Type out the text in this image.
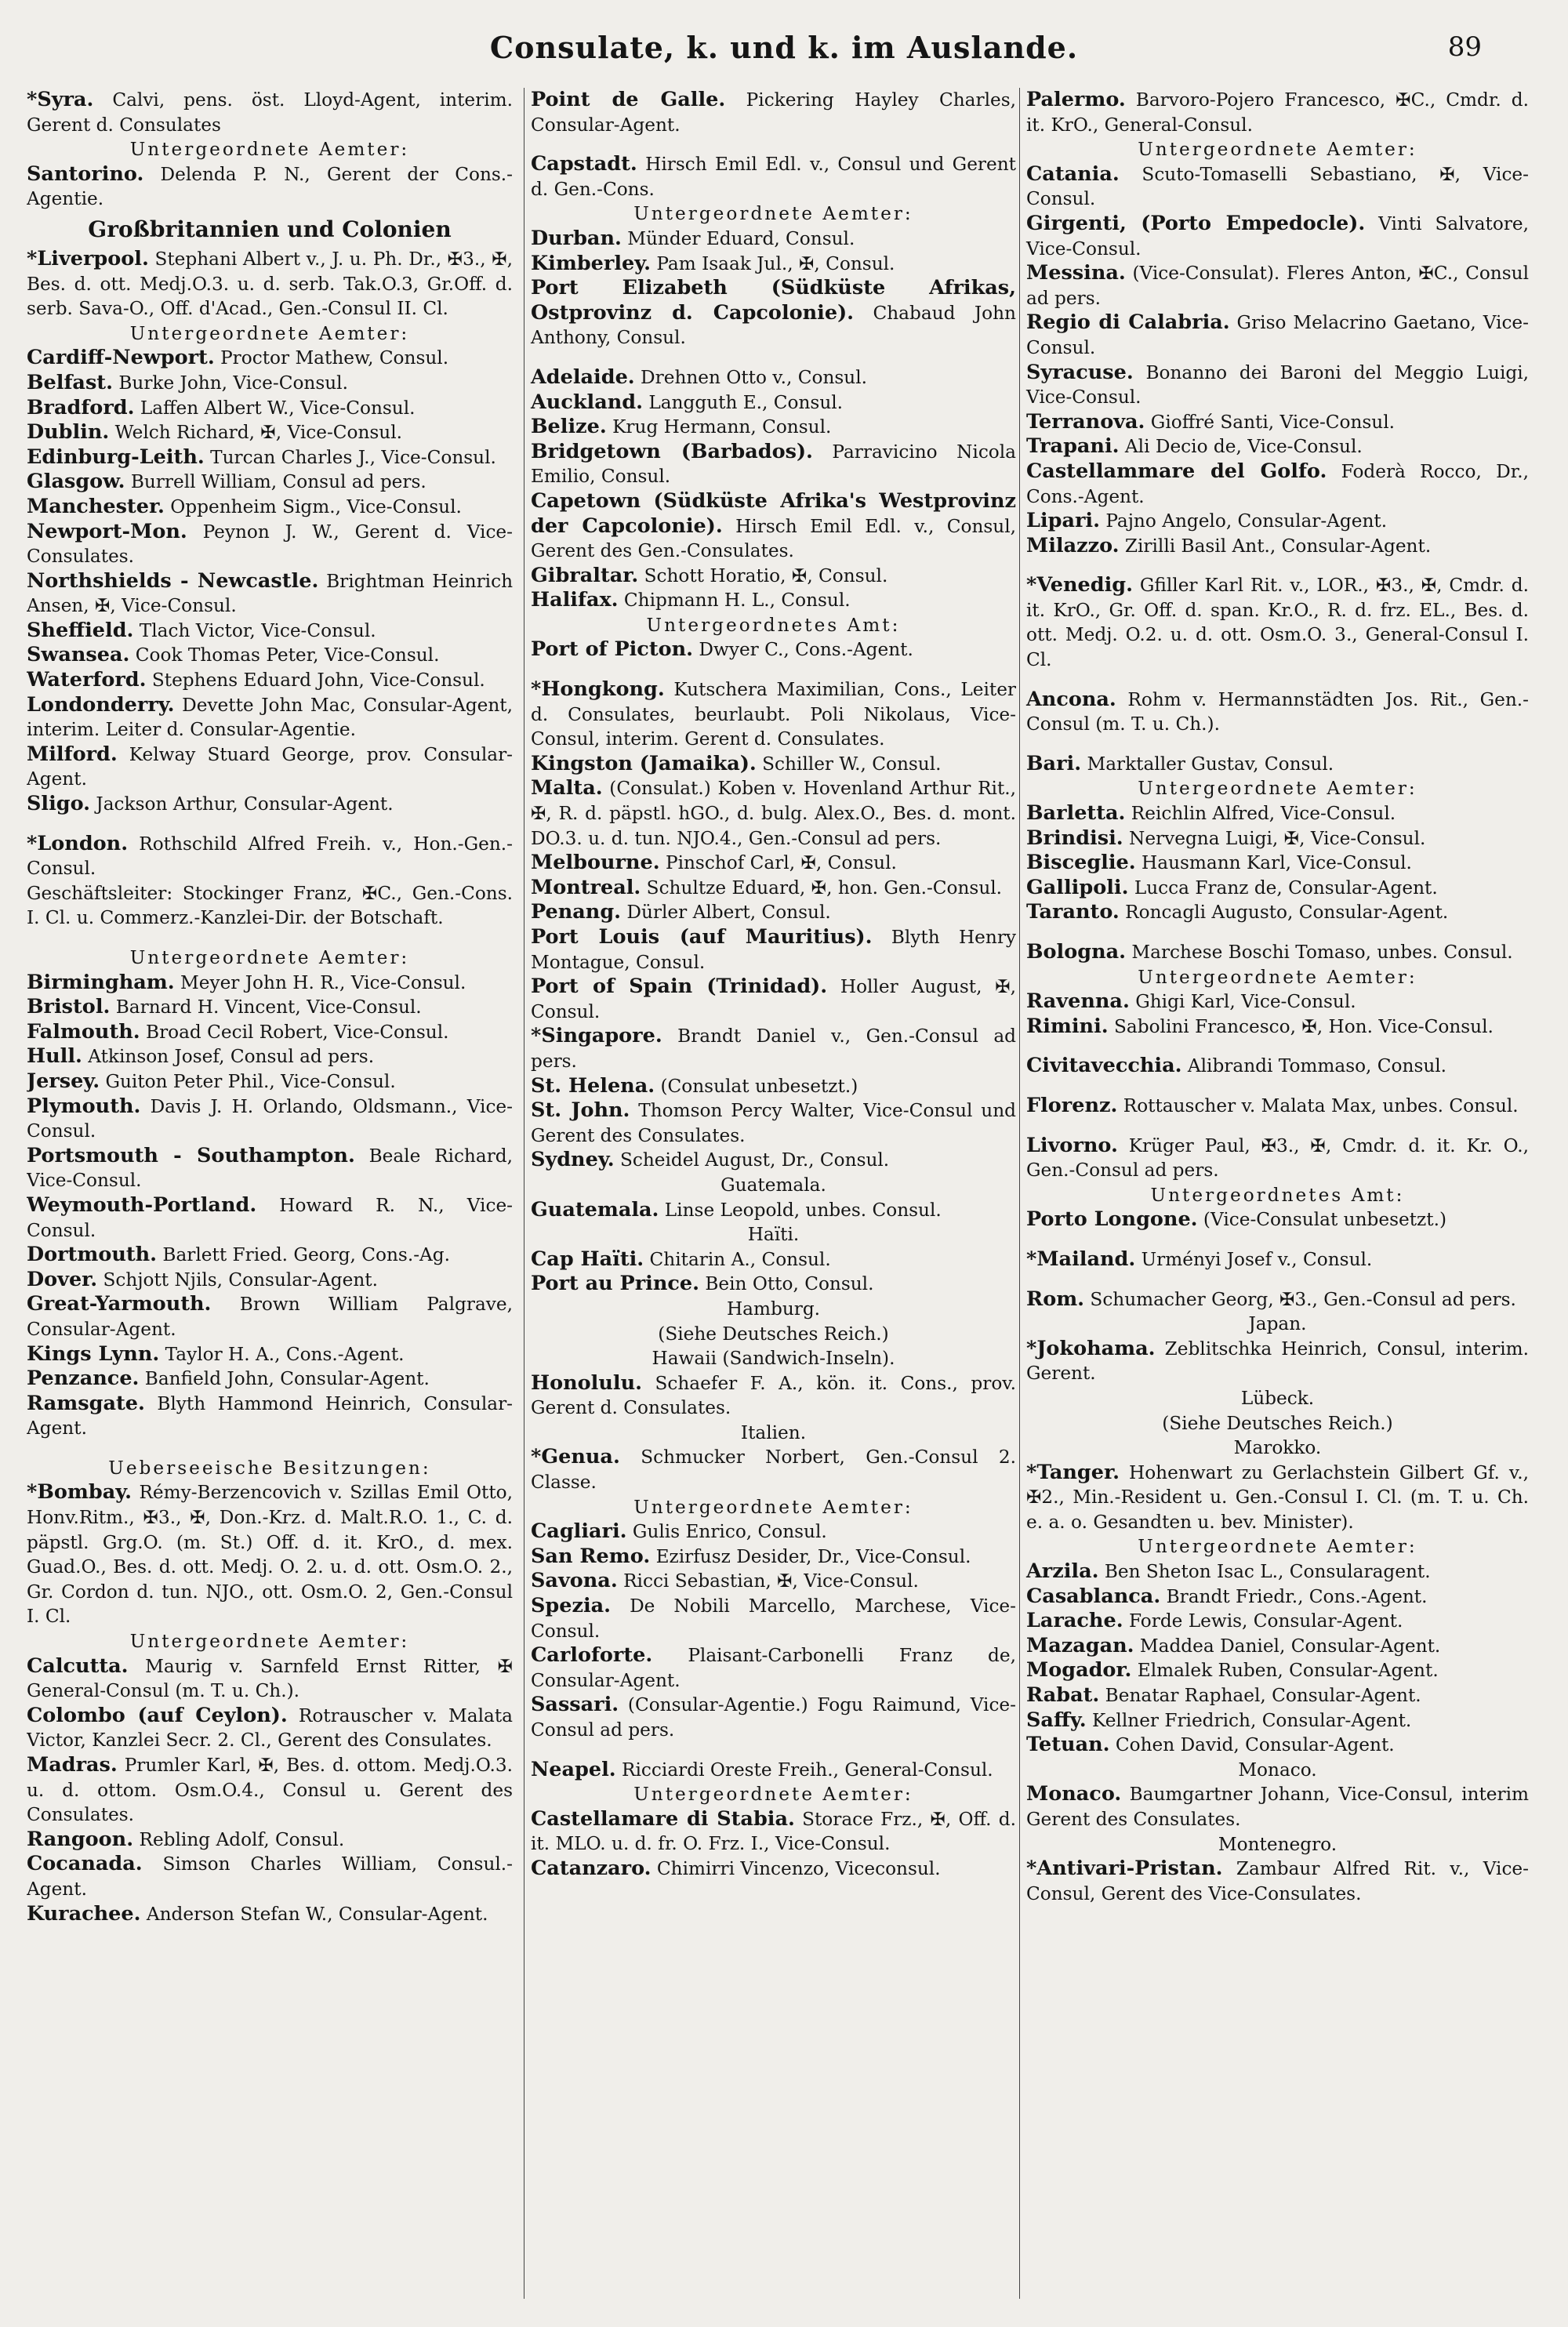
Consulate, k. und k. im Auslande.	89
*Syra. Calvi, pens. öst. Lloyd-Agent, interim. Gerent d. Consulates
Untergeordnete Aemter:
Santorino. Delenda P. N., Gerent der Cons.-Agentie.
Großbritannien und Colonien
*Liverpool. Stephani Albert v., J. u. Ph. Dr., ✠3., ✠, Bes. d. ott. Medj.O.3. u. d. serb. Tak.O.3, Gr.Off. d. serb. Sava-O., Off. d'Acad., Gen.-Consul II. Cl.
Untergeordnete Aemter:
Cardiff-Newport. Proctor Mathew, Consul.
Belfast. Burke John, Vice-Consul.
Bradford. Laffen Albert W., Vice-Consul.
Dublin. Welch Richard, ✠, Vice-Consul.
Edinburg-Leith. Turcan Charles J., Vice-Consul.
Glasgow. Burrell William, Consul ad pers.
Manchester. Oppenheim Sigm., Vice-Consul.
Newport-Mon. Peynon J. W., Gerent d. Vice-Consulates.
Northshields - Newcastle. Brightman Heinrich Ansen, ✠, Vice-Consul.
Sheffield. Tlach Victor, Vice-Consul.
Swansea. Cook Thomas Peter, Vice-Consul.
Waterford. Stephens Eduard John, Vice-Consul.
Londonderry. Devette John Mac, Consular-Agent, interim. Leiter d. Consular-Agentie.
Milford. Kelway Stuard George, prov. Consular-Agent.
Sligo. Jackson Arthur, Consular-Agent.
*London. Rothschild Alfred Freih. v., Hon.-Gen.-Consul.
Geschäftsleiter: Stockinger Franz, ✠C., Gen.-Cons. I. Cl. u. Commerz.-Kanzlei-Dir. der Botschaft.
Untergeordnete Aemter:
Birmingham. Meyer John H. R., Vice-Consul.
Bristol. Barnard H. Vincent, Vice-Consul.
Falmouth. Broad Cecil Robert, Vice-Consul.
Hull. Atkinson Josef, Consul ad pers.
Jersey. Guiton Peter Phil., Vice-Consul.
Plymouth. Davis J. H. Orlando, Oldsmann., Vice-Consul.
Portsmouth - Southampton. Beale Richard, Vice-Consul.
Weymouth-Portland. Howard R. N., Vice-Consul.
Dortmouth. Barlett Fried. Georg, Cons.-Ag.
Dover. Schjott Njils, Consular-Agent.
Great-Yarmouth. Brown William Palgrave, Consular-Agent.
Kings Lynn. Taylor H. A., Cons.-Agent.
Penzance. Banfield John, Consular-Agent.
Ramsgate. Blyth Hammond Heinrich, Consular-Agent.
Ueberseeische Besitzungen:
*Bombay. Rémy-Berzencovich v. Szillas Emil Otto, Honv.Ritm., ✠3., ✠, Don.-Krz. d. Malt.R.O. 1., C. d. päpstl. Grg.O. (m. St.) Off. d. it. KrO., d. mex. Guad.O., Bes. d. ott. Medj. O. 2. u. d. ott. Osm.O. 2., Gr. Cordon d. tun. NJO., ott. Osm.O. 2, Gen.-Consul I. Cl.
Untergeordnete Aemter:
Calcutta. Maurig v. Sarnfeld Ernst Ritter, ✠ General-Consul (m. T. u. Ch.).
Colombo (auf Ceylon). Rotrauscher v. Malata Victor, Kanzlei Secr. 2. Cl., Gerent des Consulates.
Madras. Prumler Karl, ✠, Bes. d. ottom. Medj.O.3. u. d. ottom. Osm.O.4., Consul u. Gerent des Consulates.
Rangoon. Rebling Adolf, Consul.
Cocanada. Simson Charles William, Consul.-Agent.
Kurachee. Anderson Stefan W., Consular-Agent.
Point de Galle. Pickering Hayley Charles, Consular-Agent.
Capstadt. Hirsch Emil Edl. v., Consul und Gerent d. Gen.-Cons.
Untergeordnete Aemter:
Durban. Münder Eduard, Consul.
Kimberley. Pam Isaak Jul., ✠, Consul.
Port Elizabeth (Südküste Afrikas, Ostprovinz d. Capcolonie). Chabaud John Anthony, Consul.
Adelaide. Drehnen Otto v., Consul.
Auckland. Langguth E., Consul.
Belize. Krug Hermann, Consul.
Bridgetown (Barbados). Parravicino Nicola Emilio, Consul.
Capetown (Südküste Afrika's Westprovinz der Capcolonie). Hirsch Emil Edl. v., Consul, Gerent des Gen.-Consulates.
Gibraltar. Schott Horatio, ✠, Consul.
Halifax. Chipmann H. L., Consul.
Untergeordnetes Amt:
Port of Picton. Dwyer C., Cons.-Agent.
*Hongkong. Kutschera Maximilian, Cons., Leiter d. Consulates, beurlaubt. Poli Nikolaus, Vice-Consul, interim. Gerent d. Consulates.
Kingston (Jamaika). Schiller W., Consul.
Malta. (Consulat.) Koben v. Hovenland Arthur Rit., ✠, R. d. päpstl. hGO., d. bulg. Alex.O., Bes. d. mont. DO.3. u. d. tun. NJO.4., Gen.-Consul ad pers.
Melbourne. Pinschof Carl, ✠, Consul.
Montreal. Schultze Eduard, ✠, hon. Gen.-Consul.
Penang. Dürler Albert, Consul.
Port Louis (auf Mauritius). Blyth Henry Montague, Consul.
Port of Spain (Trinidad). Holler August, ✠, Consul.
*Singapore. Brandt Daniel v., Gen.-Consul ad pers.
St. Helena. (Consulat unbesetzt.)
St. John. Thomson Percy Walter, Vice-Consul und Gerent des Consulates.
Sydney. Scheidel August, Dr., Consul.
Guatemala.
Guatemala. Linse Leopold, unbes. Consul.
Haïti.
Cap Haïti. Chitarin A., Consul.
Port au Prince. Bein Otto, Consul.
Hamburg.
(Siehe Deutsches Reich.)
Hawaii (Sandwich-Inseln).
Honolulu. Schaefer F. A., kön. it. Cons., prov. Gerent d. Consulates.
Italien.
*Genua. Schmucker Norbert, Gen.-Consul 2. Classe.
Untergeordnete Aemter:
Cagliari. Gulis Enrico, Consul.
San Remo. Ezirfusz Desider, Dr., Vice-Consul.
Savona. Ricci Sebastian, ✠, Vice-Consul.
Spezia. De Nobili Marcello, Marchese, Vice-Consul.
Carloforte. Plaisant-Carbonelli Franz de, Consular-Agent.
Sassari. (Consular-Agentie.) Fogu Raimund, Vice-Consul ad pers.
Neapel. Ricciardi Oreste Freih., General-Consul.
Untergeordnete Aemter:
Castellamare di Stabia. Storace Frz., ✠, Off. d. it. MLO. u. d. fr. O. Frz. I., Vice-Consul.
Catanzaro. Chimirri Vincenzo, Viceconsul.
Palermo. Barvoro-Pojero Francesco, ✠C., Cmdr. d. it. KrO., General-Consul.
Untergeordnete Aemter:
Catania. Scuto-Tomaselli Sebastiano, ✠, Vice-Consul.
Girgenti, (Porto Empedocle). Vinti Salvatore, Vice-Consul.
Messina. (Vice-Consulat). Fleres Anton, ✠C., Consul ad pers.
Regio di Calabria. Griso Melacrino Gaetano, Vice-Consul.
Syracuse. Bonanno dei Baroni del Meggio Luigi, Vice-Consul.
Terranova. Gioffré Santi, Vice-Consul.
Trapani. Ali Decio de, Vice-Consul.
Castellammare del Golfo. Foderà Rocco, Dr., Cons.-Agent.
Lipari. Pajno Angelo, Consular-Agent.
Milazzo. Zirilli Basil Ant., Consular-Agent.
*Venedig. Gfiller Karl Rit. v., LOR., ✠3., ✠, Cmdr. d. it. KrO., Gr. Off. d. span. Kr.O., R. d. frz. EL., Bes. d. ott. Medj. O.2. u. d. ott. Osm.O. 3., General-Consul I. Cl.
Ancona. Rohm v. Hermannstädten Jos. Rit., Gen.-Consul (m. T. u. Ch.).
Bari. Marktaller Gustav, Consul.
Untergeordnete Aemter:
Barletta. Reichlin Alfred, Vice-Consul.
Brindisi. Nervegna Luigi, ✠, Vice-Consul.
Bisceglie. Hausmann Karl, Vice-Consul.
Gallipoli. Lucca Franz de, Consular-Agent.
Taranto. Roncagli Augusto, Consular-Agent.
Bologna. Marchese Boschi Tomaso, unbes. Consul.
Untergeordnete Aemter:
Ravenna. Ghigi Karl, Vice-Consul.
Rimini. Sabolini Francesco, ✠, Hon. Vice-Consul.
Civitavecchia. Alibrandi Tommaso, Consul.
Florenz. Rottauscher v. Malata Max, unbes. Consul.
Livorno. Krüger Paul, ✠3., ✠, Cmdr. d. it. Kr. O., Gen.-Consul ad pers.
Untergeordnetes Amt:
Porto Longone. (Vice-Consulat unbesetzt.)
*Mailand. Urményi Josef v., Consul.
Rom. Schumacher Georg, ✠3., Gen.-Consul ad pers.
Japan.
*Jokohama. Zeblitschka Heinrich, Consul, interim. Gerent.
Lübeck.
(Siehe Deutsches Reich.)
Marokko.
*Tanger. Hohenwart zu Gerlachstein Gilbert Gf. v., ✠2., Min.-Resident u. Gen.-Consul I. Cl. (m. T. u. Ch. e. a. o. Gesandten u. bev. Minister).
Untergeordnete Aemter:
Arzila. Ben Sheton Isac L., Consularagent.
Casablanca. Brandt Friedr., Cons.-Agent.
Larache. Forde Lewis, Consular-Agent.
Mazagan. Maddea Daniel, Consular-Agent.
Mogador. Elmalek Ruben, Consular-Agent.
Rabat. Benatar Raphael, Consular-Agent.
Saffy. Kellner Friedrich, Consular-Agent.
Tetuan. Cohen David, Consular-Agent.
Monaco.
Monaco. Baumgartner Johann, Vice-Consul, interim Gerent des Consulates.
Montenegro.
*Antivari-Pristan. Zambaur Alfred Rit. v., Vice-Consul, Gerent des Vice-Consulates.
